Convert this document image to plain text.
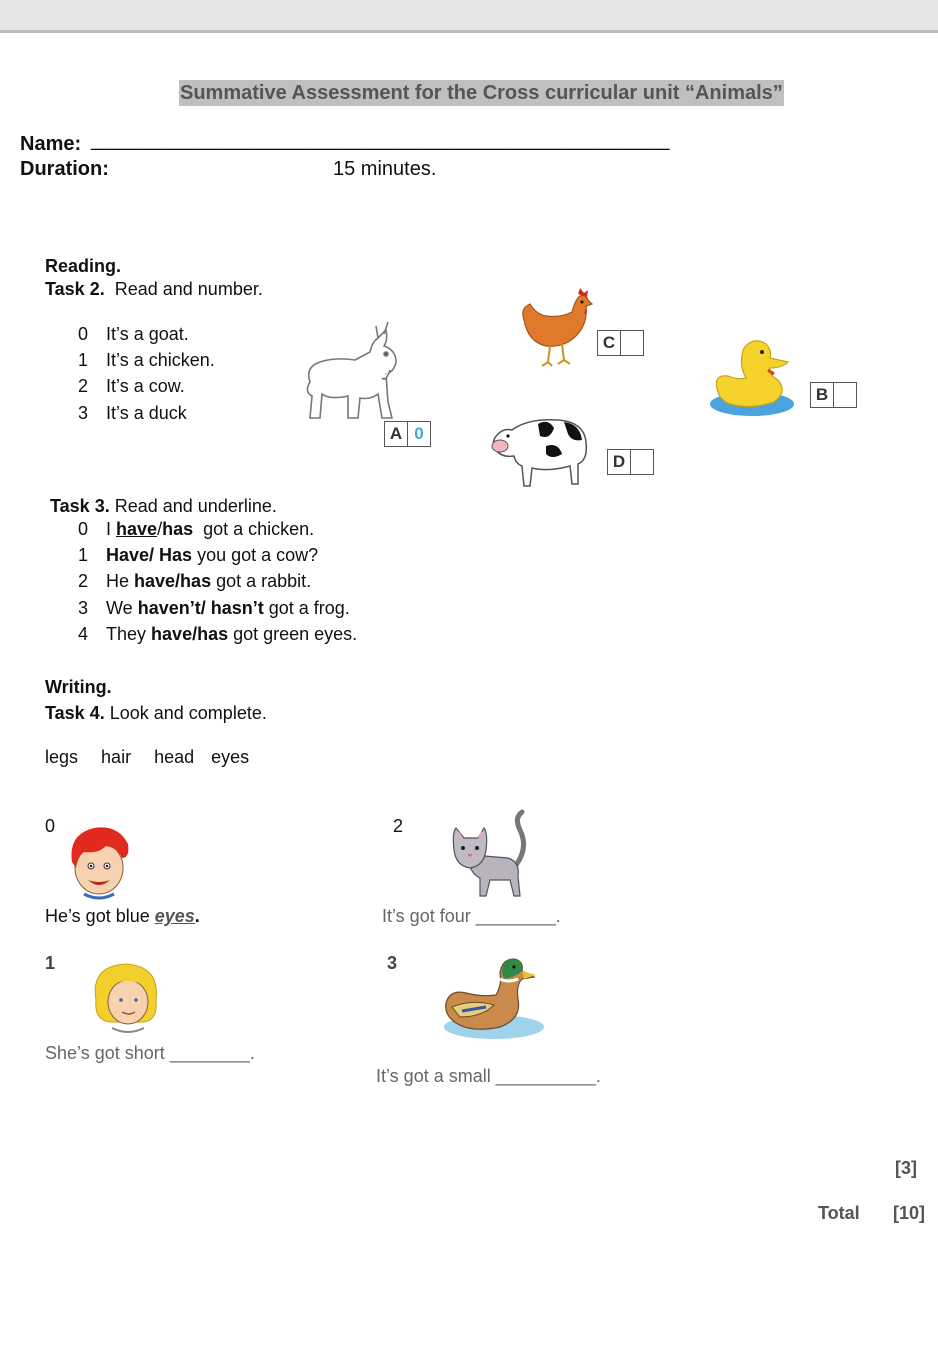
Summative Assessment for the Cross curricular unit “Animals”
Name: ____________________________________________________
Duration:	15 minutes.
Reading.
Task 2. Read and number.
0 It’s a goat.
1 It’s a chicken.
2 It’s a cow.
3 It’s a duck
A 0
C
D
B
Task 3. Read and underline.
0 I have/has  got a chicken.
1 Have/ Has you got a cow?
2 He have/has got a rabbit.
3 We haven’t/ hasn’t got a frog.
4 They have/has got green eyes.
Writing.
Task 4. Look and complete.
legs hair head eyes
0
He’s got blue eyes.
2
It’s got four ________.
1
She’s got short ________.
3
It’s got a small __________.
[3]
Total [10]
